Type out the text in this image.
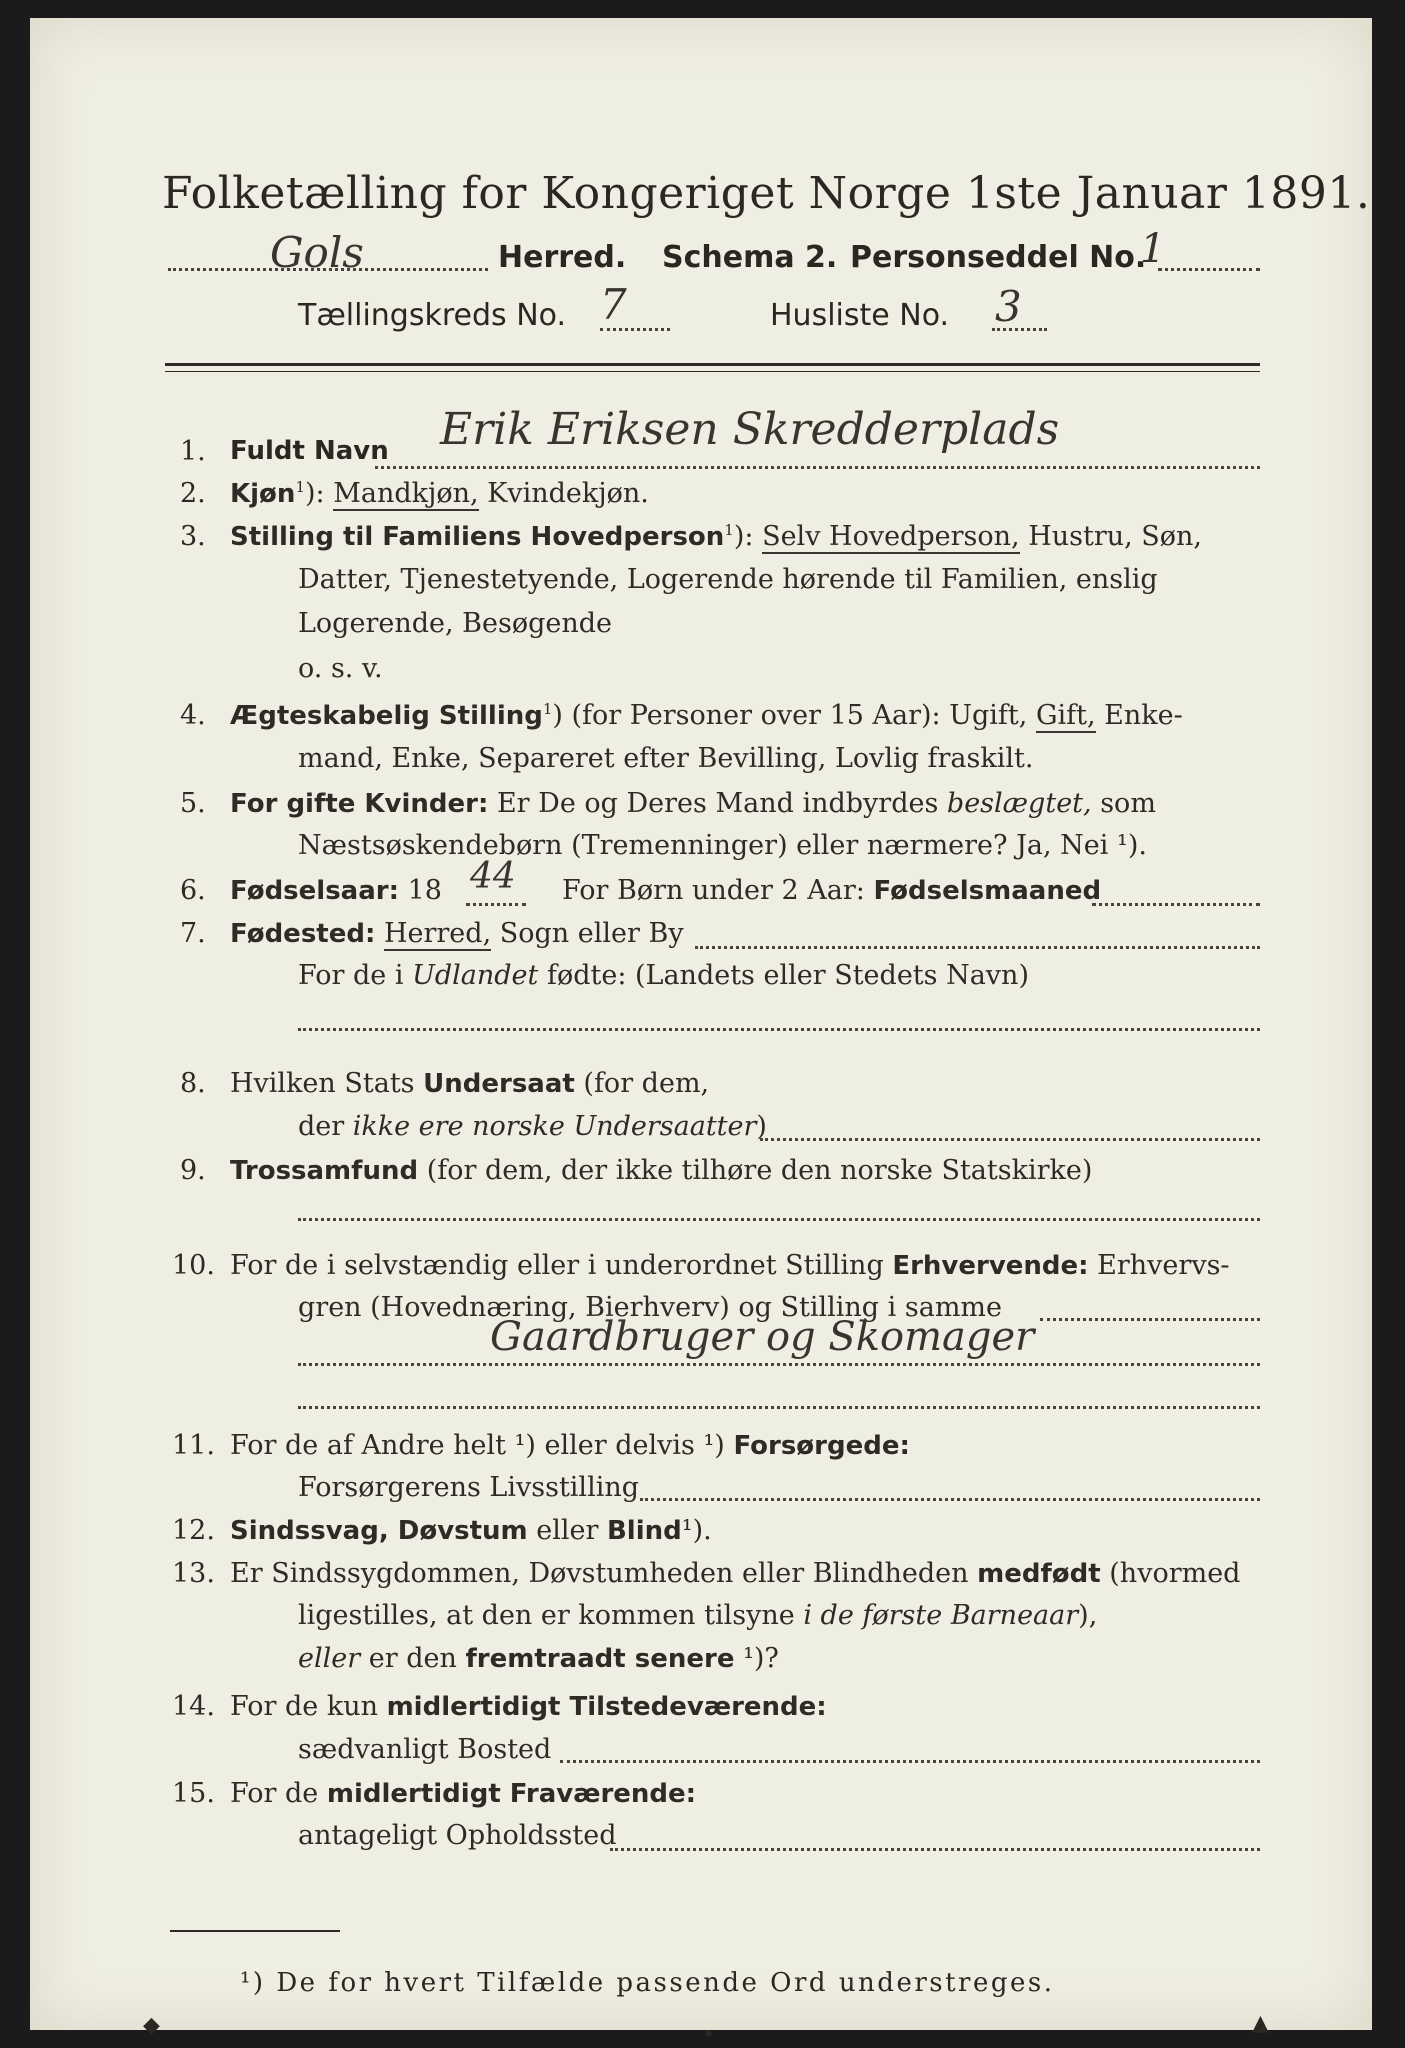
Folketælling for Kongeriget Norge 1ste Januar 1891.
Gols	Herred. Schema 2. Personseddel No.
1
Tællingskreds No. 7	Husliste No. 3
1. Fuldt Navn Erik Eriksen Skredderplads
2. Kjøn$^1$): Mandkjøn, Kvindekjøn.
3. Stilling til Familiens Hovedperson$^1$): Selv Hovedperson, Hustru, Søn,
Datter, Tjenestetyende, Logerende hørende til Familien, enslig
Logerende, Besøgende
o. s. v.
4. Ægteskabelig Stilling$^1$) (for Personer over 15 Aar): Ugift, Gift, Enke-
mand, Enke, Separeret efter Bevilling, Lovlig fraskilt.
5. For gifte Kvinder: Er De og Deres Mand indbyrdes beslægtet, som
Næstsøskendebørn (Tremenninger) eller nærmere? Ja, Nei ¹).
6. Fødselsaar: 18 44 For Børn under 2 Aar: Fødselsmaaned
7. Fødested: Herred, Sogn eller By
For de i Udlandet fødte: (Landets eller Stedets Navn)
8. Hvilken Stats Undersaat (for dem,
der ikke ere norske Undersaatter)
9. Trossamfund (for dem, der ikke tilhøre den norske Statskirke)
10. For de i selvstændig eller i underordnet Stilling Erhvervende: Erhvervs-
gren (Hovednæring, Bierhverv) og Stilling i samme
Gaardbruger og Skomager
11. For de af Andre helt ¹) eller delvis ¹) Forsørgede:
Forsørgerens Livsstilling
12. Sindssvag, Døvstum eller Blind¹).
13. Er Sindssygdommen, Døvstumheden eller Blindheden medfødt (hvormed
ligestilles, at den er kommen tilsyne i de første Barneaar),
eller er den fremtraadt senere ¹)?
14. For de kun midlertidigt Tilstedeværende:
sædvanligt Bosted
15. For de midlertidigt Fraværende:
antageligt Opholdssted
¹) De for hvert Tilfælde passende Ord understreges.
◆	•	▲
